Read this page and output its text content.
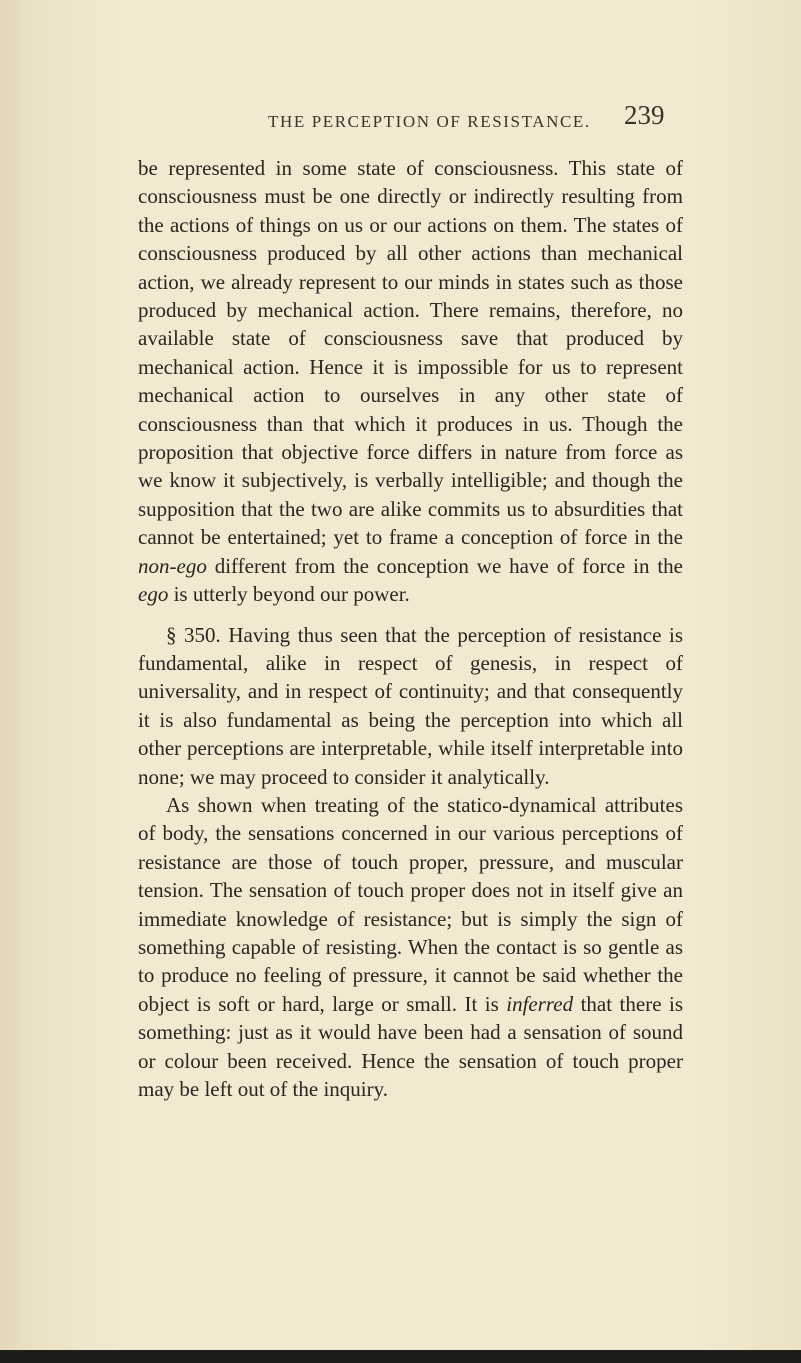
THE PERCEPTION OF RESISTANCE. 239

be represented in some state of consciousness. This state of consciousness must be one directly or indirectly resulting from the actions of things on us or our actions on them. The states of consciousness produced by all other actions than mechanical action, we already represent to our minds in states such as those produced by mechanical action. There remains, therefore, no available state of consciousness save that produced by mechanical action. Hence it is impossible for us to represent mechanical action to ourselves in any other state of consciousness than that which it produces in us. Though the proposition that objective force differs in nature from force as we know it subjectively, is verbally intelligible; and though the supposition that the two are alike commits us to absurdities that cannot be entertained; yet to frame a conception of force in the non-ego different from the conception we have of force in the ego is utterly beyond our power.

§ 350. Having thus seen that the perception of resistance is fundamental, alike in respect of genesis, in respect of universality, and in respect of continuity; and that consequently it is also fundamental as being the perception into which all other perceptions are interpretable, while itself interpretable into none; we may proceed to consider it analytically.

As shown when treating of the statico-dynamical attributes of body, the sensations concerned in our various perceptions of resistance are those of touch proper, pressure, and muscular tension. The sensation of touch proper does not in itself give an immediate knowledge of resistance; but is simply the sign of something capable of resisting. When the contact is so gentle as to produce no feeling of pressure, it cannot be said whether the object is soft or hard, large or small. It is inferred that there is something: just as it would have been had a sensation of sound or colour been received. Hence the sensation of touch proper may be left out of the inquiry.
